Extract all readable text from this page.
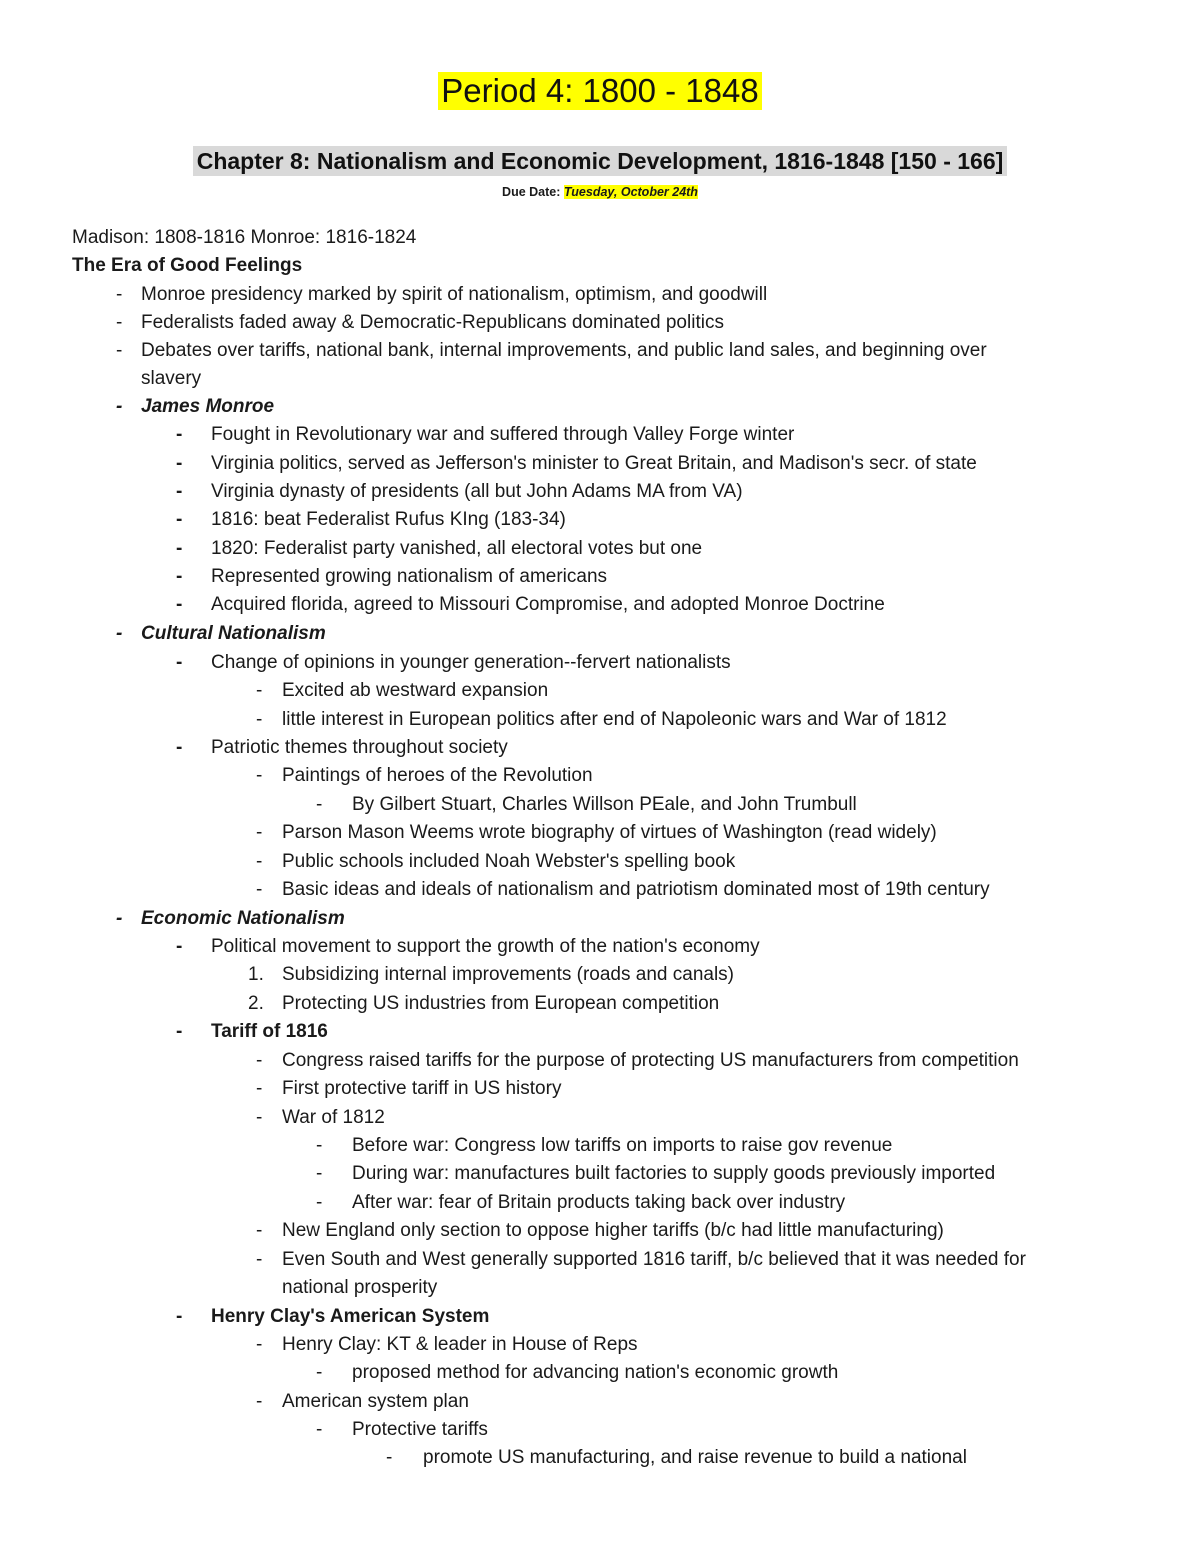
Period 4: 1800 - 1848
Chapter 8: Nationalism and Economic Development, 1816-1848 [150 - 166]
Due Date: Tuesday, October 24th
Madison: 1808-1816 Monroe: 1816-1824
The Era of Good Feelings
- Monroe presidency marked by spirit of nationalism, optimism, and goodwill
- Federalists faded away & Democratic-Republicans dominated politics
- Debates over tariffs, national bank, internal improvements, and public land sales, and beginning over
slavery
- James Monroe
- Fought in Revolutionary war and suffered through Valley Forge winter
- Virginia politics, served as Jefferson's minister to Great Britain, and Madison's secr. of state
- Virginia dynasty of presidents (all but John Adams MA from VA)
- 1816: beat Federalist Rufus KIng (183-34)
- 1820: Federalist party vanished, all electoral votes but one
- Represented growing nationalism of americans
- Acquired florida, agreed to Missouri Compromise, and adopted Monroe Doctrine
- Cultural Nationalism
- Change of opinions in younger generation--fervert nationalists
- Excited ab westward expansion
- little interest in European politics after end of Napoleonic wars and War of 1812
- Patriotic themes throughout society
- Paintings of heroes of the Revolution
- By Gilbert Stuart, Charles Willson PEale, and John Trumbull
- Parson Mason Weems wrote biography of virtues of Washington (read widely)
- Public schools included Noah Webster's spelling book
- Basic ideas and ideals of nationalism and patriotism dominated most of 19th century
- Economic Nationalism
- Political movement to support the growth of the nation's economy
1. Subsidizing internal improvements (roads and canals)
2. Protecting US industries from European competition
- Tariff of 1816
- Congress raised tariffs for the purpose of protecting US manufacturers from competition
- First protective tariff in US history
- War of 1812
- Before war: Congress low tariffs on imports to raise gov revenue
- During war: manufactures built factories to supply goods previously imported
- After war: fear of Britain products taking back over industry
- New England only section to oppose higher tariffs (b/c had little manufacturing)
- Even South and West generally supported 1816 tariff, b/c believed that it was needed for
national prosperity
- Henry Clay's American System
- Henry Clay: KT & leader in House of Reps
- proposed method for advancing nation's economic growth
- American system plan
- Protective tariffs
- promote US manufacturing, and raise revenue to build a national
